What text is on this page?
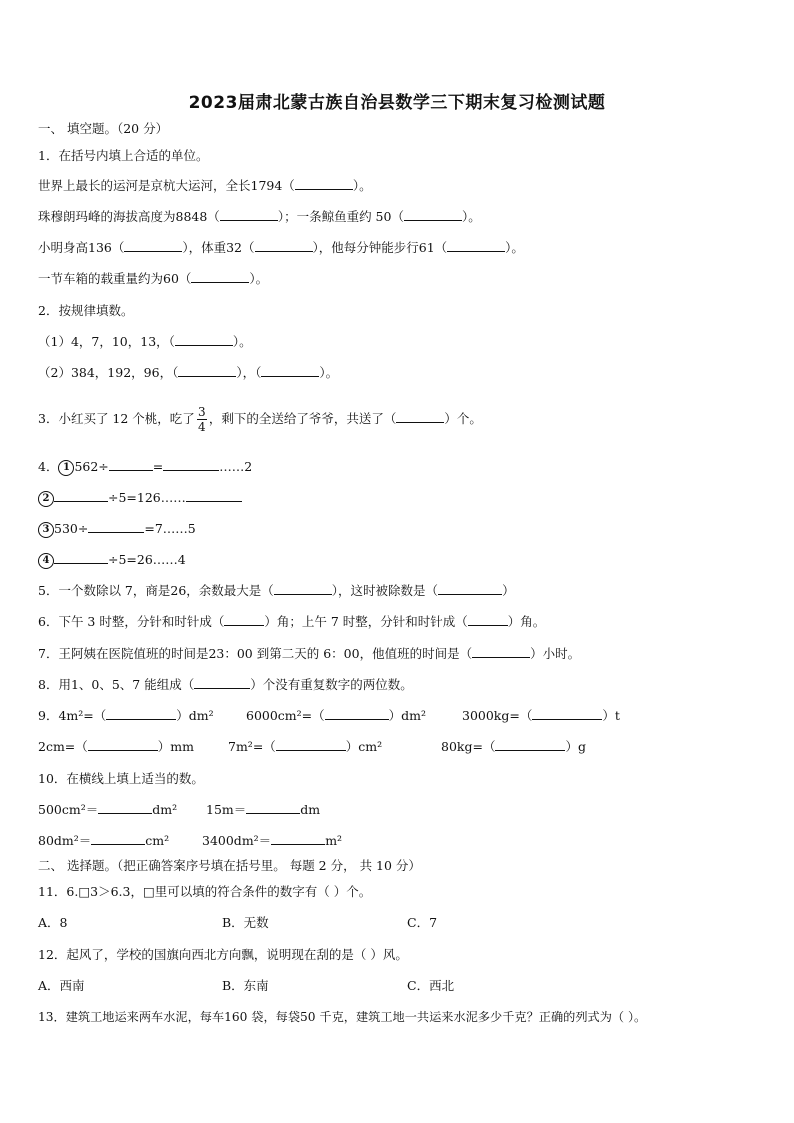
2023届肃北蒙古族自治县数学三下期末复习检测试题
一、 填空题。（20 分）
1．在括号内填上合适的单位。
世界上最长的运河是京杭大运河，全长1794（	）。
珠穆朗玛峰的海拔高度为8848（	）；一条鲸鱼重约 50（	）。
小明身高136（	），体重32（	），他每分钟能步行61（	）。
一节车箱的载重量约为60（	）。
2．按规律填数。
（1）4，7，10，13，（	）。
（2）384，192，96，（	），（	）。
3．小红买了 12 个桃，吃了 $\frac{3}{4}$ ，剩下的全送给了爷爷，共送了（	）个。
4． 1 562÷	=	……2
2	÷5=126……
3 530÷	=7……5
4	÷5=26……4
5．一个数除以 7，商是26，余数最大是（	），这时被除数是（	）
6．下午 3 时整，分针和时针成（	）角；上午 7 时整，分针和时针成（	）角。
7．王阿姨在医院值班的时间是23：00 到第二天的 6：00，他值班的时间是（	）小时。
8．用1、0、5、7 能组成（	）个没有重复数字的两位数。
9．4m²=（	）dm²	6000cm²=（	）dm²	3000kg=（	）t
2cm=（	）mm	7m²=（	）cm²	80kg=（	）g
10．在横线上填上适当的数。
500cm²＝	dm² 15m＝	dm
80dm²＝	cm²	3400dm²＝	m²
二、 选择题。（把正确答案序号填在括号里。 每题 2 分， 共 10 分）
11．6.□3＞6.3，□里可以填的符合条件的数字有（ ）个。
A．8	B．无数	C．7
12．起风了，学校的国旗向西北方向飘，说明现在刮的是（ ）风。
A．西南	B．东南	C．西北
13．建筑工地运来两车水泥，每车160 袋，每袋50 千克，建筑工地一共运来水泥多少千克？正确的列式为（ ）。
